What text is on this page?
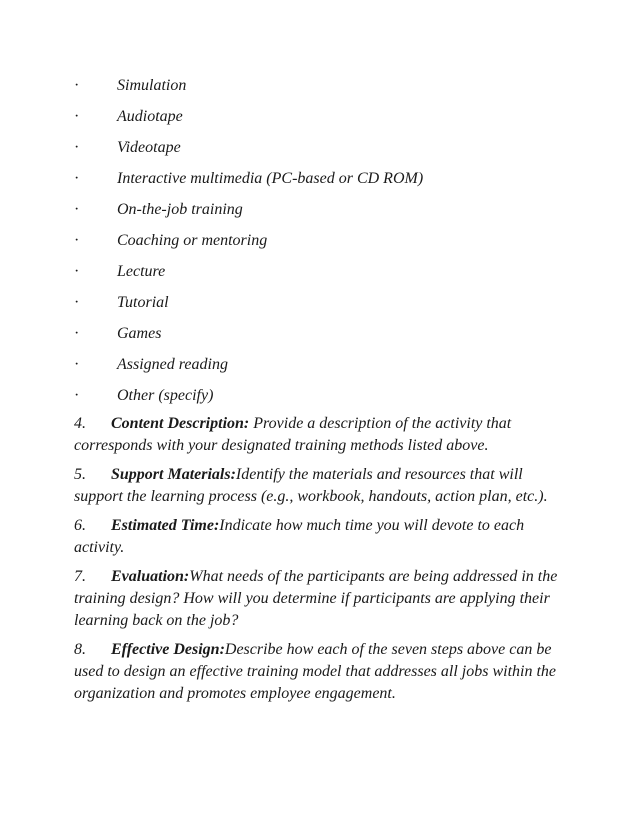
· Simulation
· Audiotape
· Videotape
· Interactive multimedia (PC-based or CD ROM)
· On-the-job training
· Coaching or mentoring
· Lecture
· Tutorial
· Games
· Assigned reading
· Other (specify)

4. Content Description: Provide a description of the activity that corresponds with your designated training methods listed above.

5. Support Materials:Identify the materials and resources that will support the learning process (e.g., workbook, handouts, action plan, etc.).

6. Estimated Time:Indicate how much time you will devote to each activity.

7. Evaluation:What needs of the participants are being addressed in the training design? How will you determine if participants are applying their learning back on the job?

8. Effective Design:Describe how each of the seven steps above can be used to design an effective training model that addresses all jobs within the organization and promotes employee engagement.
